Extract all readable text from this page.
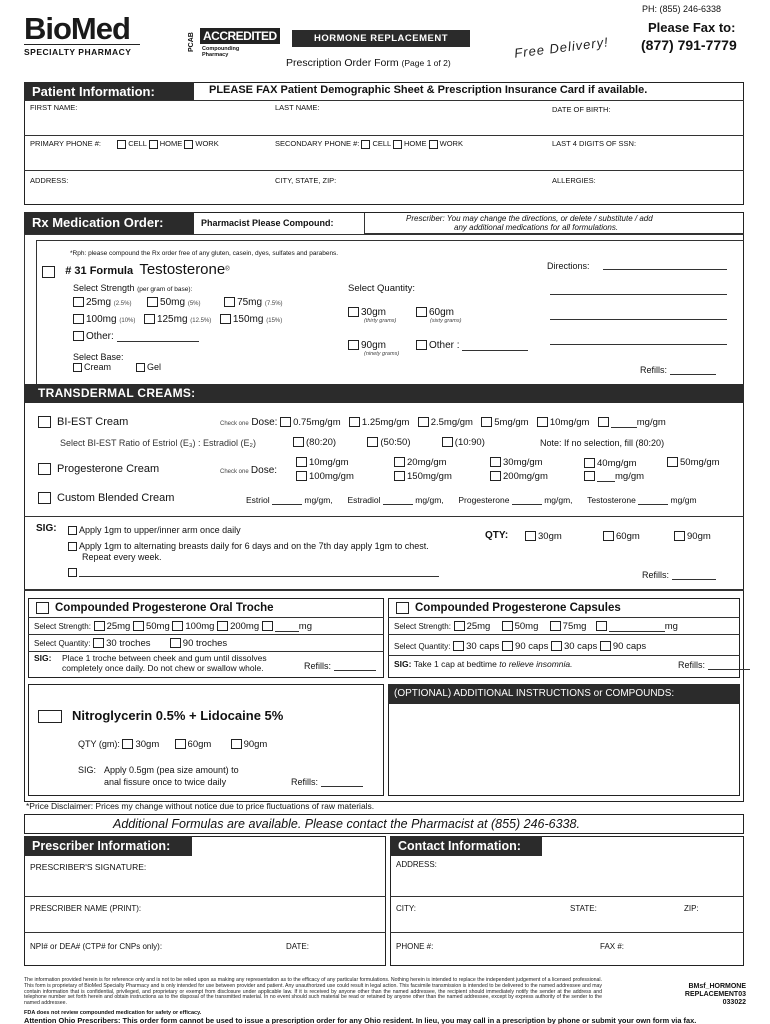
BioMed
SPECIALTY PHARMACY	PCAB ACCREDITED
Compounding Pharmacy
HORMONE REPLACEMENT
Prescription Order Form (Page 1 of 2)
Free Delivery!
PH: (855) 246-6338
Please Fax to:
(877) 791-7779
Patient Information:	PLEASE FAX Patient Demographic Sheet & Prescription Insurance Card if available.
FIRST NAME:	LAST NAME:	DATE OF BIRTH:
PRIMARY PHONE #:	CELL HOME WORK	SECONDARY PHONE #: CELL HOME WORK	LAST 4 DIGITS OF SSN:
ADDRESS:	CITY, STATE, ZIP:	ALLERGIES:
Rx Medication Order:	Pharmacist Please Compound:	Prescriber: You may change the directions, or delete / substitute / add
any additional medications for all formulations.
*Rph: please compound the Rx order free of any gluten, casein, dyes, sulfates and parabens.
# 31 Formula Testosterone®	Directions:
Select Strength (per gram of base):
25mg (2.5%)	50mg (5%)	75mg (7.5%)
100mg (10%) 125mg (12.5%) 150mg (15%)
Other:
Select Base:
Cream	Gel
Select Quantity:
30gm
(thirty grams)
60gm
(sixty grams)
90gm
(ninety grams)
Other :
Refills:
TRANSDERMAL CREAMS:
BI-EST Cream	Check one Dose: 0.75mg/gm 1.25mg/gm 2.5mg/gm 5mg/gm 10mg/gm	mg/gm
Select BI-EST Ratio of Estriol (E₃) : Estradiol (E₂)	(80:20)	(50:50)	(10:90)	Note: If no selection, fill (80:20)
Progesterone Cream	Check one Dose:
10mg/gm	20mg/gm	30mg/gm	40mg/gm	50mg/gm
100mg/gm	150mg/gm	200mg/gm	mg/gm
Custom Blended Cream	Estriol	mg/gm, Estradiol	mg/gm, Progesterone	mg/gm, Testosterone	mg/gm
SIG:	Apply 1gm to upper/inner arm once daily
Apply 1gm to alternating breasts daily for 6 days and on the 7th day apply 1gm to chest.
Repeat every week.
QTY:	30gm	60gm	90gm
Refills:
Compounded Progesterone Oral Troche
Select Strength: 25mg 50mg 100mg 200mg	mg
Select Quantity: 30 troches	90 troches
SIG: Place 1 troche between cheek and gum until dissolves
completely once daily. Do not chew or swallow whole.	Refills:
Compounded Progesterone Capsules
Select Strength: 25mg	50mg	75mg	mg
Select Quantity: 30 caps 90 caps 30 caps 90 caps
SIG: Take 1 cap at bedtime to relieve insomnia.	Refills:
(OPTIONAL) ADDITIONAL INSTRUCTIONS or COMPOUNDS:
Nitroglycerin 0.5% + Lidocaine 5%
QTY (gm): 30gm	60gm	90gm
SIG: Apply 0.5gm (pea size amount) to
anal fissure once to twice daily	Refills:
*Price Disclaimer: Prices my change without notice due to price fluctuations of raw materials.
Additional Formulas are available. Please contact the Pharmacist at (855) 246-6338.
Prescriber Information:	Contact Information:
PRESCRIBER'S SIGNATURE:
PRESCRIBER NAME (PRINT):
NPI# or DEA# (CTP# for CNPs only):	DATE:
ADDRESS:
CITY:	STATE:	ZIP:
PHONE #:	FAX #:
The information provided herein is for reference only and is not to be relied upon as making any representation as to the efficacy of any particular formulations. Nothing herein is intended to replace the independent judgement of a licensed professional. This form is proprietary of BioMed Specialty Pharmacy and is only intended for use between provider and patient. Any unauthorized use could result in legal action. This facsimile transmission is intended to be delivered to the named addressee and may contain information that is confidential, privileged, and proprietary or exempt from disclosure under applicable law. If it is received by anyone other than the named addressee, the recipient should immediately notify the sender at the address and telephone number set forth herein and obtain instructions as to the disposal of the transmitted material. In no event should such material be read or retained by anyone other than the named addressee, except by express authority of the sender to the named addressee.
FDA does not review compounded medication for safety or efficacy.
BMsf_HORMONE
REPLACEMENT03
033022
Attention Ohio Prescribers: This order form cannot be used to issue a prescription order for any Ohio resident. In lieu, you may call in a prescription by phone or submit your own form via fax.
